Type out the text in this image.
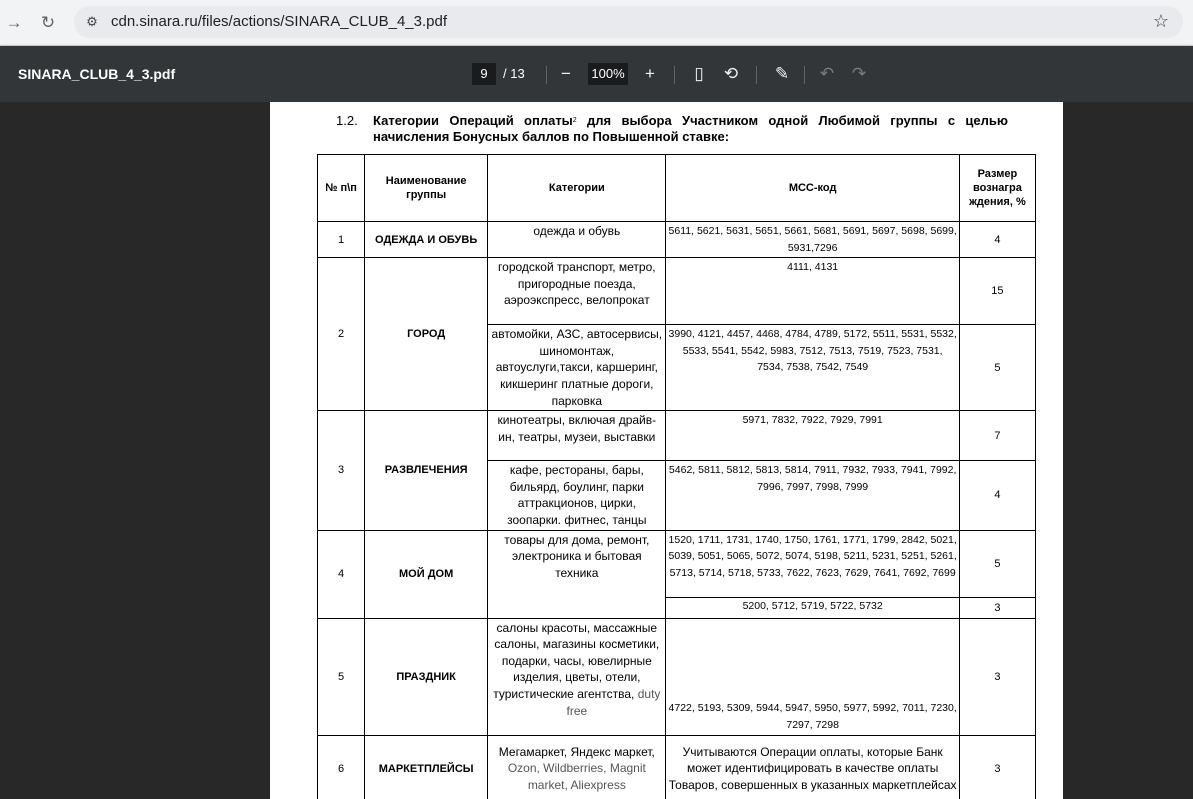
→ ↻	⚙ cdn.sinara.ru/files/actions/SINARA_CLUB_4_3.pdf	☆
SINARA_CLUB_4_3.pdf	9	/ 13	−	100%	+	▯	⟲ ✎ ↶ ↷
1.2.	Категории Операций оплаты$^2$ для выбора Участником одной Любимой группы с целью начисления Бонусных баллов по Повышенной ставке:
№ п\п	Наименование группы	Категории	МСС-код	Размер вознагра ждения, %
1	ОДЕЖДА И ОБУВЬ	одежда и обувь	5611, 5621, 5631, 5651, 5661, 5681, 5691, 5697, 5698, 5699, 5931,7296	4
2	ГОРОД	городской транспорт, метро, пригородные поезда, аэроэкспресс, велопрокат	4111, 4131	15
		автомойки, АЗС, автосервисы, шиномонтаж, автоуслуги,такси, каршеринг, кикшеринг платные дороги, парковка	3990, 4121, 4457, 4468, 4784, 4789, 5172, 5511, 5531, 5532, 5533, 5541, 5542, 5983, 7512, 7513, 7519, 7523, 7531, 7534, 7538, 7542, 7549	5
3	РАЗВЛЕЧЕНИЯ	кинотеатры, включая драйв-ин, театры, музеи, выставки	5971, 7832, 7922, 7929, 7991	7
		кафе, рестораны, бары, бильярд, боулинг, парки аттракционов, цирки, зоопарки. фитнес, танцы	5462, 5811, 5812, 5813, 5814, 7911, 7932, 7933, 7941, 7992, 7996, 7997, 7998, 7999	4
4	МОЙ ДОМ	товары для дома, ремонт, электроника и бытовая техника	1520, 1711, 1731, 1740, 1750, 1761, 1771, 1799, 2842, 5021, 5039, 5051, 5065, 5072, 5074, 5198, 5211, 5231, 5251, 5261, 5713, 5714, 5718, 5733, 7622, 7623, 7629, 7641, 7692, 7699	5
			5200, 5712, 5719, 5722, 5732	3
5	ПРАЗДНИК	салоны красоты, массажные салоны, магазины косметики, подарки, часы, ювелирные изделия, цветы, отели, туристические агентства, duty free	4722, 5193, 5309, 5944, 5947, 5950, 5977, 5992, 7011, 7230, 7297, 7298	3
6	МАРКЕТПЛЕЙСЫ	Мегамаркет, Яндекс маркет, Ozon, Wildberries, Magnit market, Aliexpress	Учитываются Операции оплаты, которые Банк может идентифицировать в качестве оплаты Товаров, совершенных в указанных маркетплейсах	3
